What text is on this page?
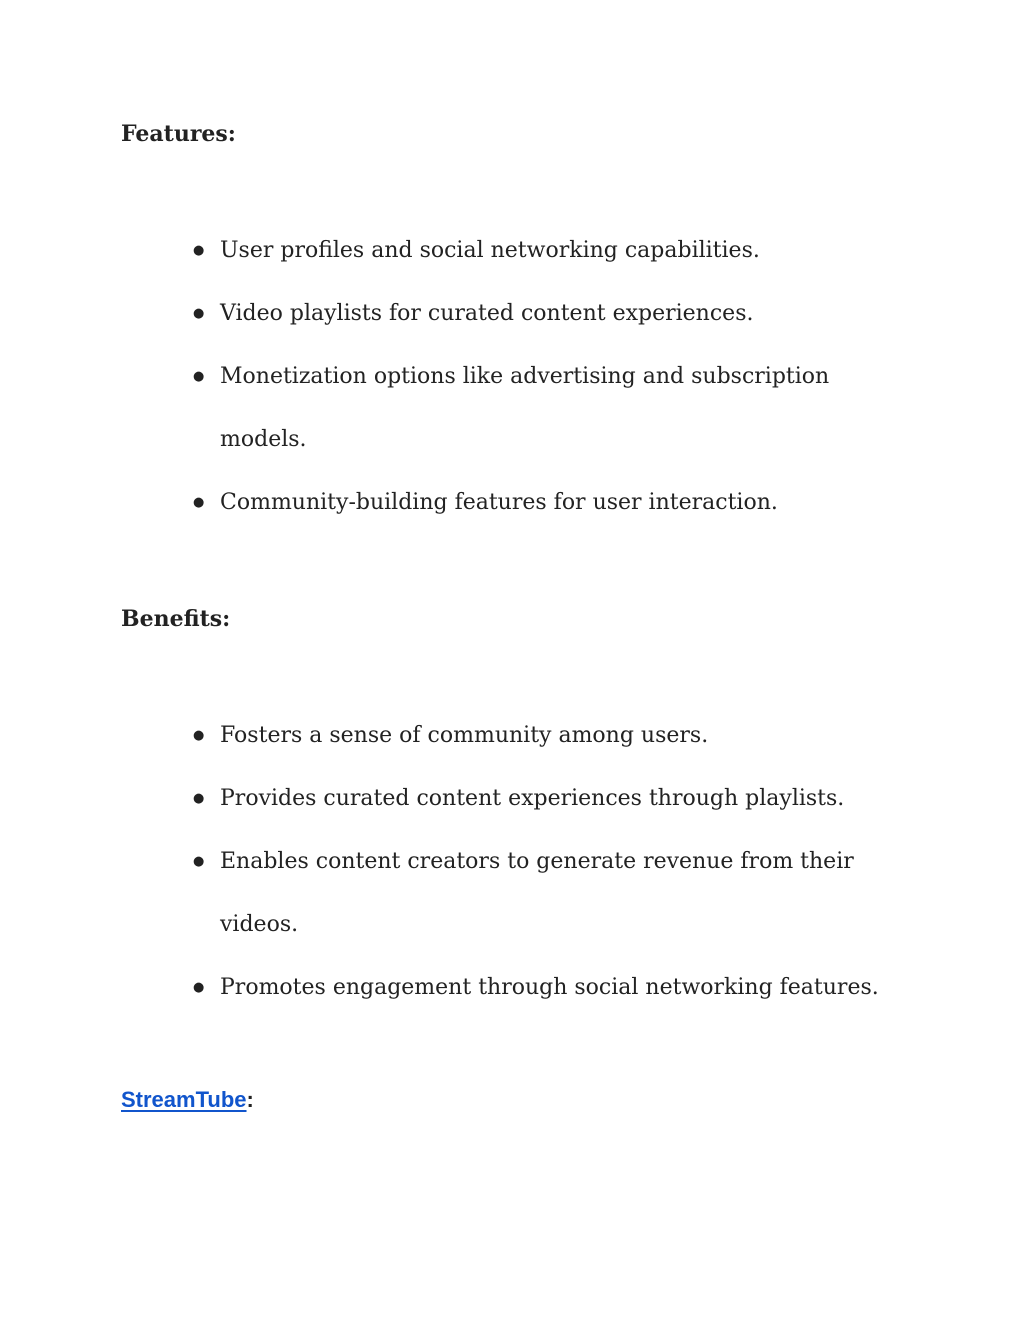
Features:
● User profiles and social networking capabilities.
● Video playlists for curated content experiences.
● Monetization options like advertising and subscription models.
● Community-building features for user interaction.
Benefits:
● Fosters a sense of community among users.
● Provides curated content experiences through playlists.
● Enables content creators to generate revenue from their videos.
● Promotes engagement through social networking features.
StreamTube:
